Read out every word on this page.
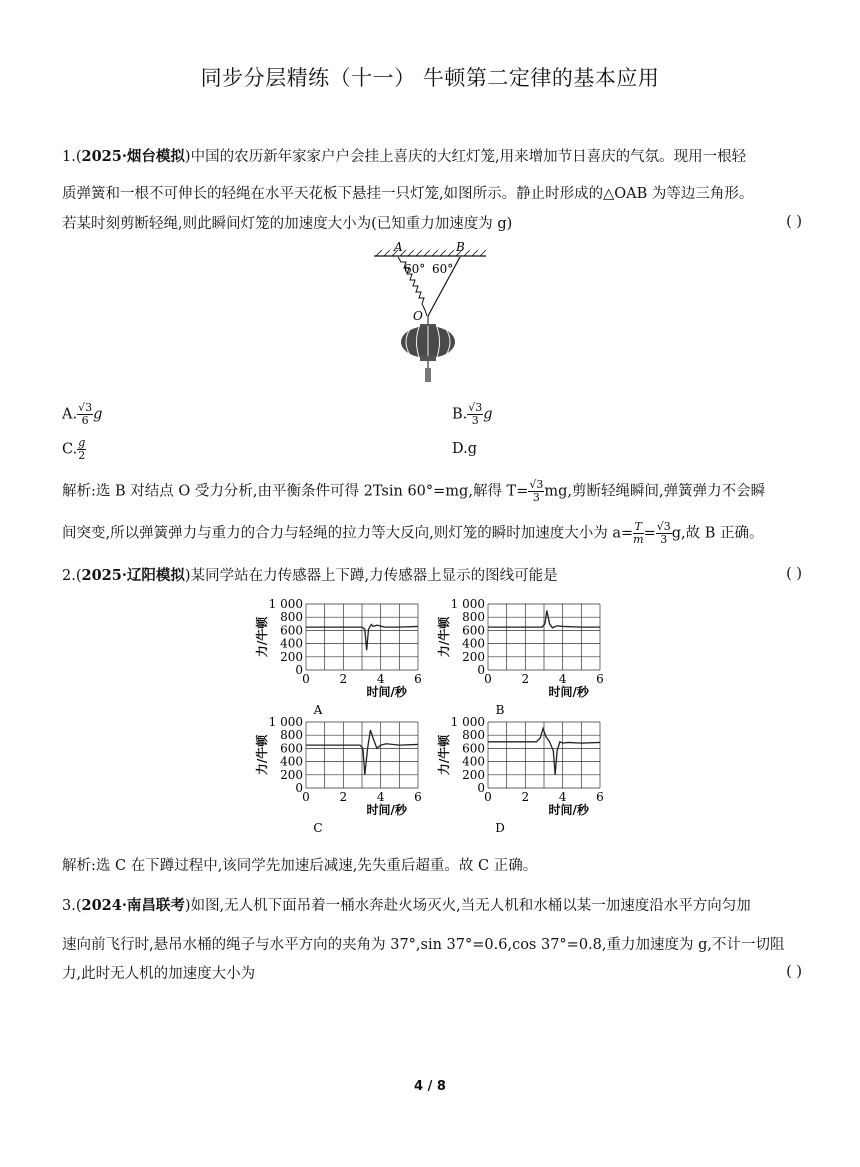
同步分层精练（十一） 牛顿第二定律的基本应用
1.(2025·烟台模拟)中国的农历新年家家户户会挂上喜庆的大红灯笼,用来增加节日喜庆的气氛。现用一根轻
质弹簧和一根不可伸长的轻绳在水平天花板下悬挂一只灯笼,如图所示。静止时形成的△OAB 为等边三角形。
若某时刻剪断轻绳,则此瞬间灯笼的加速度大小为(已知重力加速度为 g)	( )
A	B
60° 60°
O
A. $\frac{√3}{6}$ g	B. $\frac{√3}{3}$ g
C. $\frac{g}{2}$	D.g
解析:选 B 对结点 O 受力分析,由平衡条件可得 2Tsin 60°=mg,解得 $T= \frac{√3}{3}$ mg,剪断轻绳瞬间,弹簧弹力不会瞬
间突变,所以弹簧弹力与重力的合力与轻绳的拉力等大反向,则灯笼的瞬时加速度大小为 $a= \frac{T}{m} = \frac{√3}{3} g$,故 B 正确。
2.(2025·辽阳模拟)某同学站在力传感器上下蹲,力传感器上显示的图线可能是	( )
0
200
400
600
800
1 000
0 2 4 6
力/牛顿
时间/秒
A
0
200
400
600
800
1 000
0 2 4 6
力/牛顿
时间/秒
B
0
200
400
600
800
1 000
0 2 4 6
力/牛顿
时间/秒
C
0
200
400
600
800
1 000
0 2 4 6
力/牛顿
时间/秒
D
解析:选 C 在下蹲过程中,该同学先加速后减速,先失重后超重。故 C 正确。
3.(2024·南昌联考)如图,无人机下面吊着一桶水奔赴火场灭火,当无人机和水桶以某一加速度沿水平方向匀加
速向前飞行时,悬吊水桶的绳子与水平方向的夹角为 37°,sin 37°=0.6,cos 37°=0.8,重力加速度为 g,不计一切阻
力,此时无人机的加速度大小为	( )
4 / 8
